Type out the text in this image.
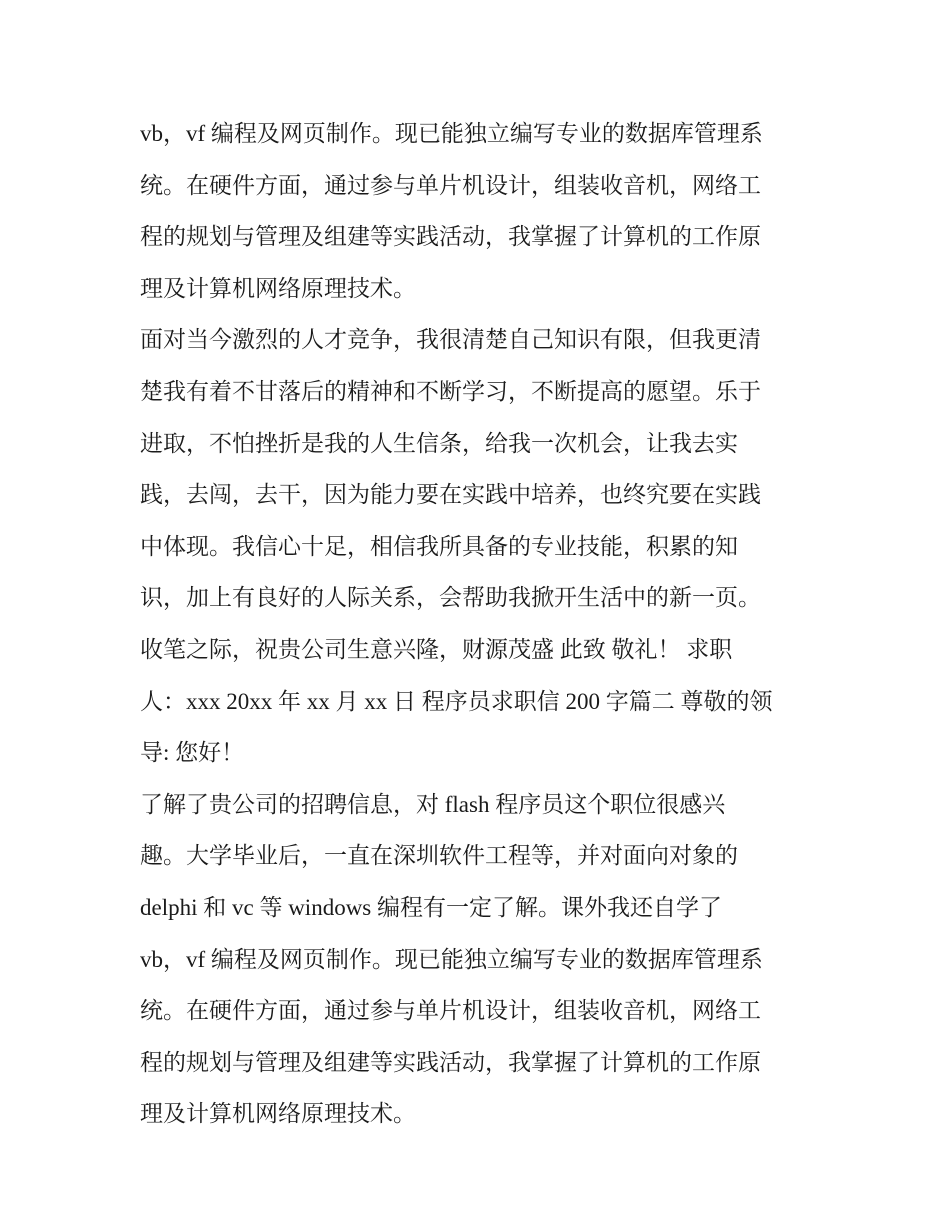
vb，vf 编程及网页制作。现已能独立编写专业的数据库管理系
统。在硬件方面，通过参与单片机设计，组装收音机，网络工
程的规划与管理及组建等实践活动，我掌握了计算机的工作原
理及计算机网络原理技术。
面对当今激烈的人才竞争，我很清楚自己知识有限，但我更清
楚我有着不甘落后的精神和不断学习，不断提高的愿望。乐于
进取，不怕挫折是我的人生信条，给我一次机会，让我去实
践，去闯，去干，因为能力要在实践中培养，也终究要在实践
中体现。我信心十足，相信我所具备的专业技能，积累的知
识，加上有良好的人际关系，会帮助我掀开生活中的新一页。
收笔之际，祝贵公司生意兴隆，财源茂盛 此致 敬礼！ 求职
人：xxx 20xx 年 xx 月 xx 日 程序员求职信 200 字篇二 尊敬的领
导: 您好！
了解了贵公司的招聘信息，对 flash 程序员这个职位很感兴
趣。大学毕业后，一直在深圳软件工程等，并对面向对象的
delphi 和 vc 等 windows 编程有一定了解。课外我还自学了
vb，vf 编程及网页制作。现已能独立编写专业的数据库管理系
统。在硬件方面，通过参与单片机设计，组装收音机，网络工
程的规划与管理及组建等实践活动，我掌握了计算机的工作原
理及计算机网络原理技术。
